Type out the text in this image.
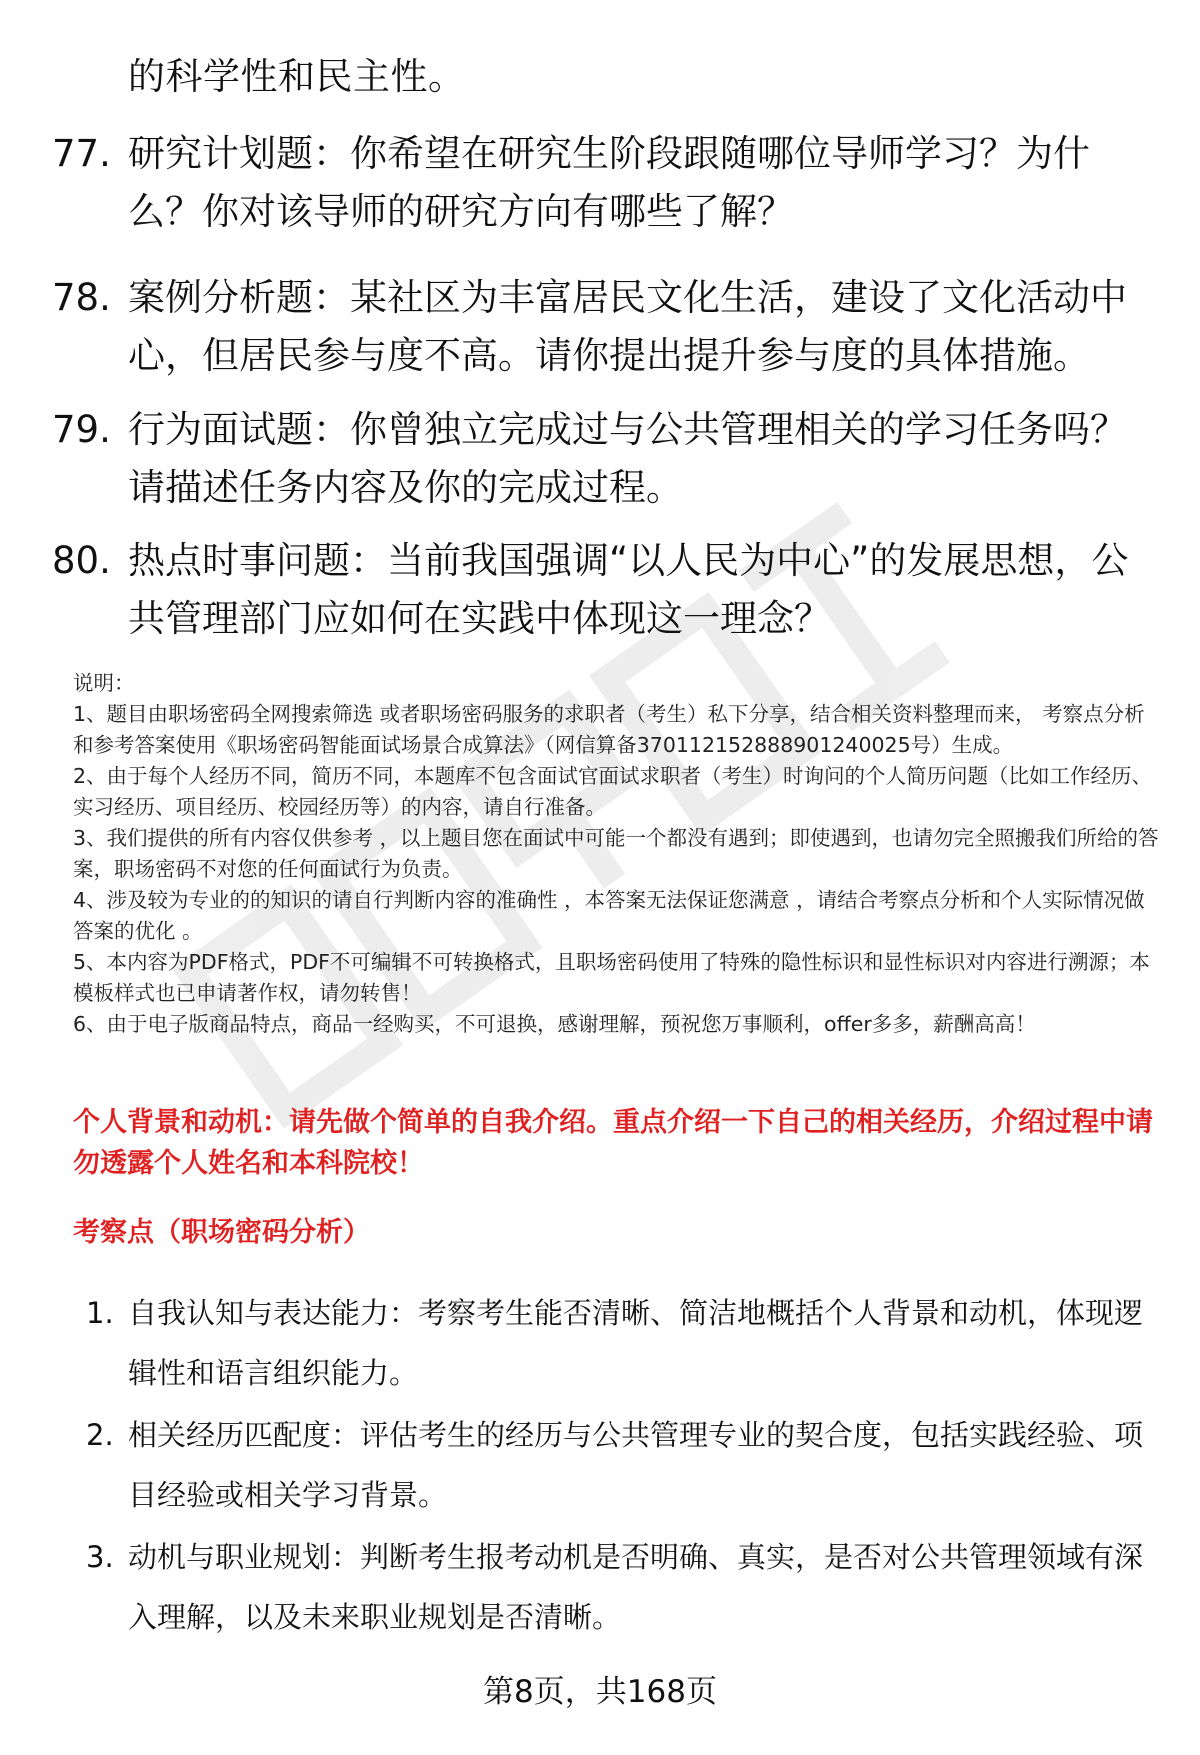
的科学性和民主性。
77. 研究计划题：你希望在研究生阶段跟随哪位导师学习？为什么？你对该导师的研究方向有哪些了解？
78. 案例分析题：某社区为丰富居民文化生活，建设了文化活动中心，但居民参与度不高。请你提出提升参与度的具体措施。
79. 行为面试题：你曾独立完成过与公共管理相关的学习任务吗？请描述任务内容及你的完成过程。
80. 热点时事问题：当前我国强调“以人民为中心”的发展思想，公共管理部门应如何在实践中体现这一理念？

说明：

1、题目由职场密码全网搜索筛选 或者职场密码服务的求职者（考生）私下分享，结合相关资料整理而来， 考察点分析和参考答案使用《职场密码智能面试场景合成算法》（网信算备370112152888901240025号）生成。

2、由于每个人经历不同，简历不同，本题库不包含面试官面试求职者（考生）时询问的个人简历问题（比如工作经历、实习经历、项目经历、校园经历等）的内容，请自行准备。

3、我们提供的所有内容仅供参考 ，以上题目您在面试中可能一个都没有遇到；即使遇到，也请勿完全照搬我们所给的答案，职场密码不对您的任何面试行为负责。

4、涉及较为专业的的知识的请自行判断内容的准确性 ，本答案无法保证您满意 ，请结合考察点分析和个人实际情况做答案的优化 。

5、本内容为PDF格式，PDF不可编辑不可转换格式，且职场密码使用了特殊的隐性标识和显性标识对内容进行溯源；本模板样式也已申请著作权，请勿转售！

6、由于电子版商品特点，商品一经购买，不可退换，感谢理解，预祝您万事顺利，offer多多，薪酬高高！

个人背景和动机：请先做个简单的自我介绍。重点介绍一下自己的相关经历，介绍过程中请勿透露个人姓名和本科院校！
考察点（职场密码分析）
1. 自我认知与表达能力：考察考生能否清晰、简洁地概括个人背景和动机，体现逻辑性和语言组织能力。
2. 相关经历匹配度：评估考生的经历与公共管理专业的契合度，包括实践经验、项目经验或相关学习背景。
3. 动机与职业规划：判断考生报考动机是否明确、真实，是否对公共管理领域有深入理解，以及未来职业规划是否清晰。
第8页，共168页
